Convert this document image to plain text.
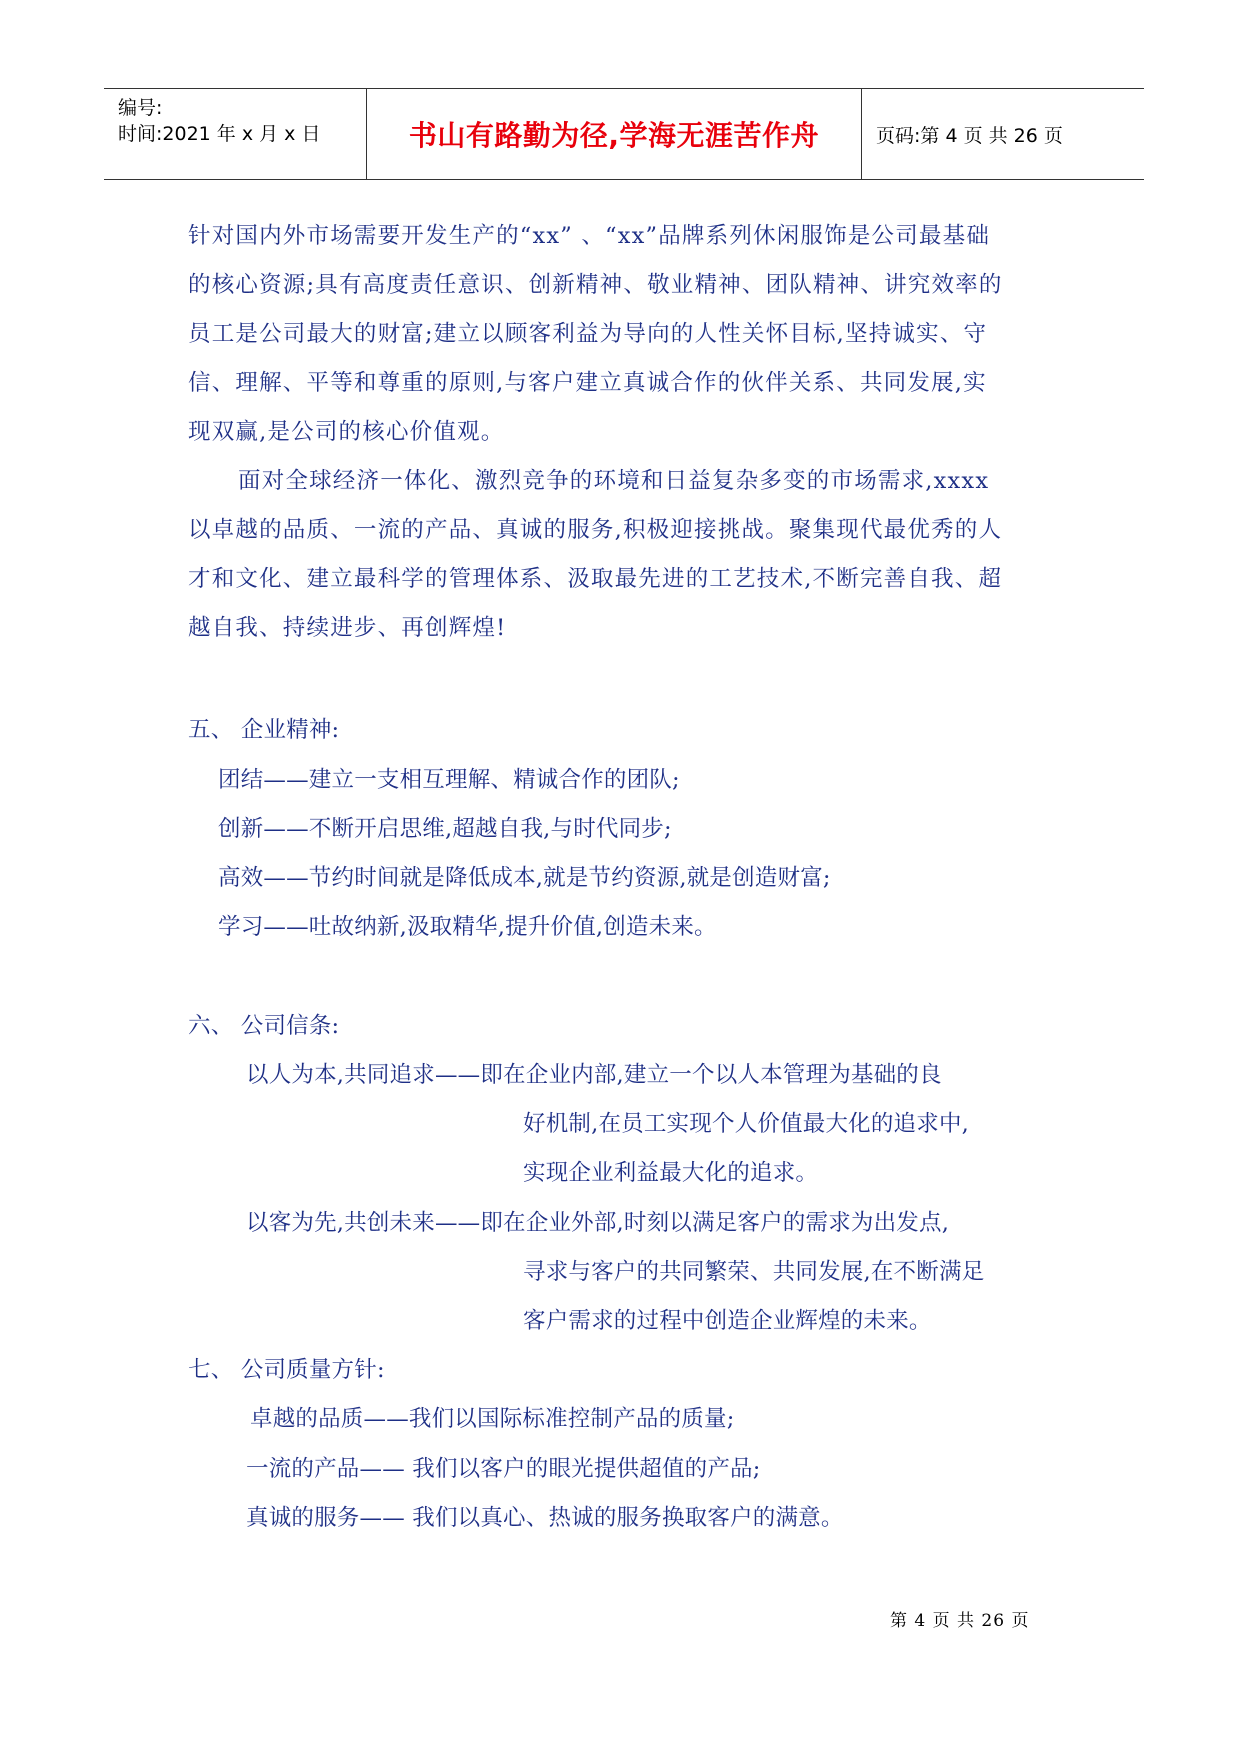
编号:
时间:2021 年 x 月 x 日	书山有路勤为径,学海无涯苦作舟	页码:第 4 页 共 26 页
针对国内外市场需要开发生产的“xx” 、“xx”品牌系列休闲服饰是公司最基础
的核心资源;具有高度责任意识、创新精神、敬业精神、团队精神、讲究效率的
员工是公司最大的财富;建立以顾客利益为导向的人性关怀目标,坚持诚实、守
信、理解、平等和尊重的原则,与客户建立真诚合作的伙伴关系、共同发展,实
现双赢,是公司的核心价值观。
面对全球经济一体化、激烈竞争的环境和日益复杂多变的市场需求,xxxx
以卓越的品质、一流的产品、真诚的服务,积极迎接挑战。聚集现代最优秀的人
才和文化、建立最科学的管理体系、汲取最先进的工艺技术,不断完善自我、超
越自我、持续进步、再创辉煌!
五、 企业精神:
团结——建立一支相互理解、精诚合作的团队;
创新——不断开启思维,超越自我,与时代同步;
高效——节约时间就是降低成本,就是节约资源,就是创造财富;
学习——吐故纳新,汲取精华,提升价值,创造未来。
六、 公司信条:
以人为本,共同追求——即在企业内部,建立一个以人本管理为基础的良
好机制,在员工实现个人价值最大化的追求中,
实现企业利益最大化的追求。
以客为先,共创未来——即在企业外部,时刻以满足客户的需求为出发点,
寻求与客户的共同繁荣、共同发展,在不断满足
客户需求的过程中创造企业辉煌的未来。
七、 公司质量方针:
卓越的品质——我们以国际标准控制产品的质量;
一流的产品—— 我们以客户的眼光提供超值的产品;
真诚的服务—— 我们以真心、热诚的服务换取客户的满意。
第 4 页 共 26 页
